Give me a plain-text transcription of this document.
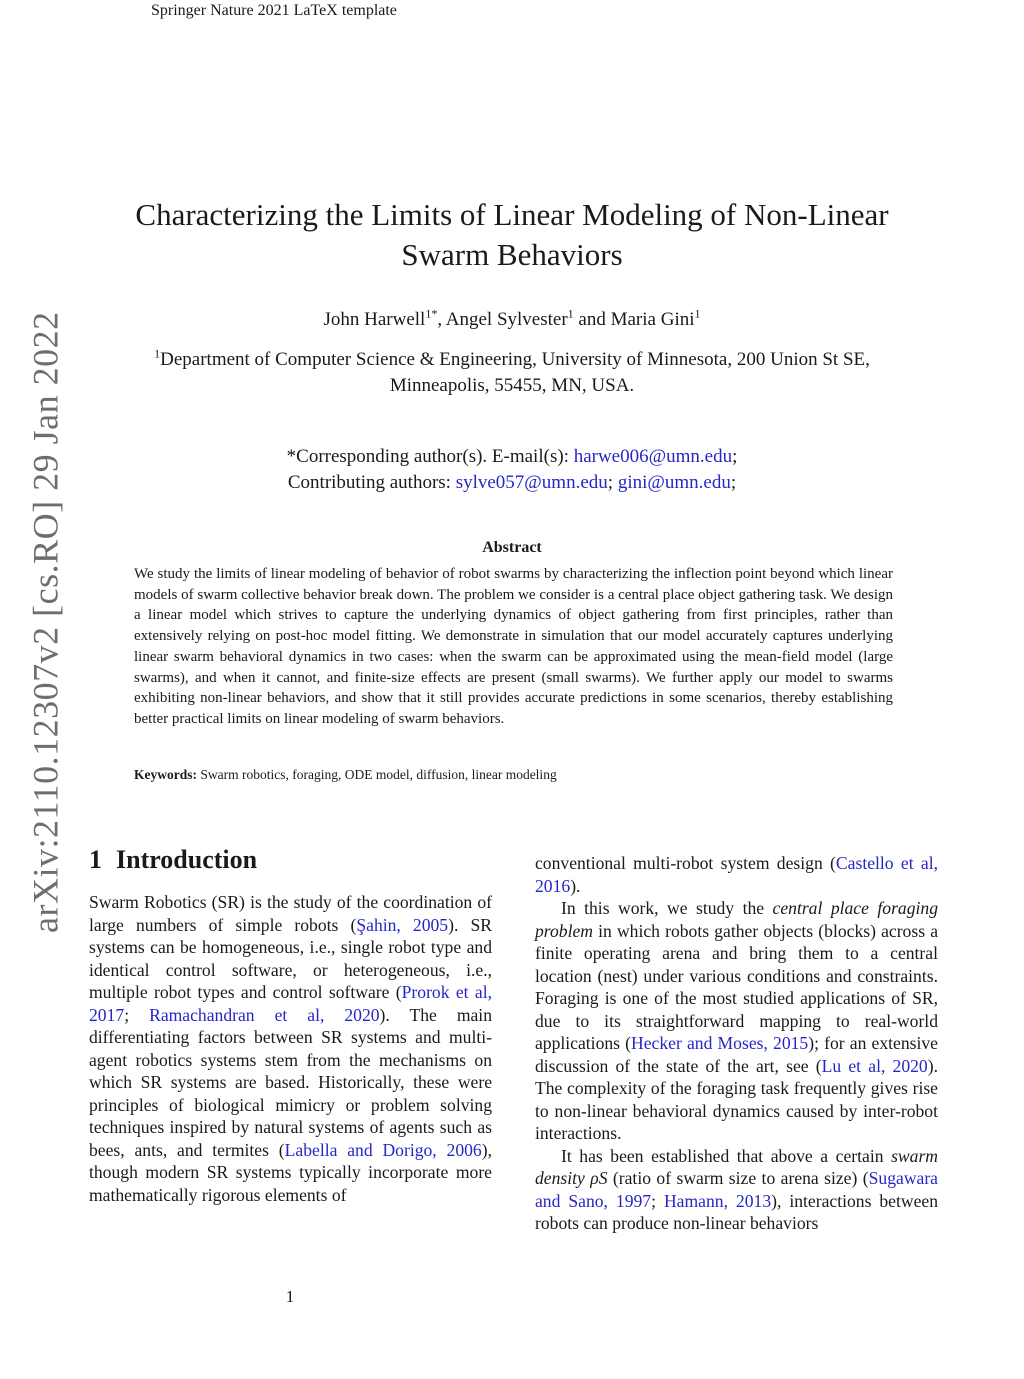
Springer Nature 2021 LaTeX template
arXiv:2110.12307v2 [cs.RO] 29 Jan 2022
Characterizing the Limits of Linear Modeling of Non-Linear
Swarm Behaviors
John Harwell$^{1*}$, Angel Sylvester$^1$ and Maria Gini$^1$
$^1$Department of Computer Science & Engineering, University of Minnesota, 200 Union St SE,
Minneapolis, 55455, MN, USA.
*Corresponding author(s). E-mail(s): harwe006@umn.edu;
Contributing authors: sylve057@umn.edu; gini@umn.edu;
Abstract
We study the limits of linear modeling of behavior of robot swarms by characterizing the inflection point beyond which linear models of swarm collective behavior break down. The problem we consider is a central place object gathering task. We design a linear model which strives to capture the underlying dynamics of object gathering from first principles, rather than extensively relying on post-hoc model fitting. We demonstrate in simulation that our model accurately captures underlying linear swarm behavioral dynamics in two cases: when the swarm can be approximated using the mean-field model (large swarms), and when it cannot, and finite-size effects are present (small swarms). We further apply our model to swarms exhibiting non-linear behaviors, and show that it still provides accurate predictions in some scenarios, thereby establishing better practical limits on linear modeling of swarm behaviors.
Keywords: Swarm robotics, foraging, ODE model, diffusion, linear modeling
1 Introduction

Swarm Robotics (SR) is the study of the coordination of large numbers of simple robots (Şahin, 2005). SR systems can be homogeneous, i.e., single robot type and identical control software, or heterogeneous, i.e., multiple robot types and control software (Prorok et al, 2017; Ramachandran et al, 2020). The main differentiating factors between SR systems and multi-agent robotics systems stem from the mechanisms on which SR systems are based. Historically, these were principles of biological mimicry or problem solving techniques inspired by natural systems of agents such as bees, ants, and termites (Labella and Dorigo, 2006), though modern SR systems typically incorporate more mathematically rigorous elements of

conventional multi-robot system design (Castello et al, 2016).

In this work, we study the central place foraging problem in which robots gather objects (blocks) across a finite operating arena and bring them to a central location (nest) under various conditions and constraints. Foraging is one of the most studied applications of SR, due to its straightforward mapping to real-world applications (Hecker and Moses, 2015); for an extensive discussion of the state of the art, see (Lu et al, 2020). The complexity of the foraging task frequently gives rise to non-linear behavioral dynamics caused by inter-robot interactions.

It has been established that above a certain swarm density ρS (ratio of swarm size to arena size) (Sugawara and Sano, 1997; Hamann, 2013), interactions between robots can produce non-linear behaviors

1
